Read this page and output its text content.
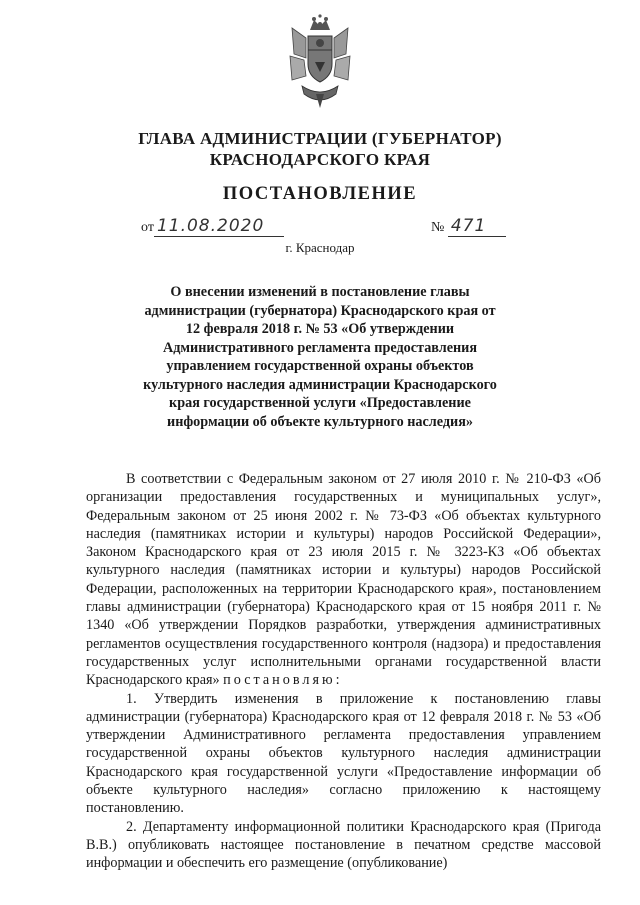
ГЛАВА АДМИНИСТРАЦИИ (ГУБЕРНАТОР)
КРАСНОДАРСКОГО КРАЯ
ПОСТАНОВЛЕНИЕ
от 11.08.2020	№ 471
г. Краснодар
О внесении изменений в постановление главы администрации (губернатора) Краснодарского края от 12 февраля 2018 г. № 53 «Об утверждении Административного регламента предоставления управлением государственной охраны объектов культурного наследия администрации Краснодарского края государственной услуги «Предоставление информации об объекте культурного наследия»

В соответствии с Федеральным законом от 27 июля 2010 г. № 210-ФЗ «Об организации предоставления государственных и муниципальных услуг», Федеральным законом от 25 июня 2002 г. № 73-ФЗ «Об объектах культурного наследия (памятниках истории и культуры) народов Российской Федерации», Законом Краснодарского края от 23 июля 2015 г. № 3223-КЗ «Об объектах культурного наследия (памятниках истории и культуры) народов Российской Федерации, расположенных на территории Краснодарского края», постановлением главы администрации (губернатора) Краснодарского края от 15 ноября 2011 г. № 1340 «Об утверждении Порядков разработки, утверждения административных регламентов осуществления государственного контроля (надзора) и предоставления государственных услуг исполнительными органами государственной власти Краснодарского края» постановляю:

1. Утвердить изменения в приложение к постановлению главы администрации (губернатора) Краснодарского края от 12 февраля 2018 г. № 53 «Об утверждении Административного регламента предоставления управлением государственной охраны объектов культурного наследия администрации Краснодарского края государственной услуги «Предоставление информации об объекте культурного наследия» согласно приложению к настоящему постановлению.

2. Департаменту информационной политики Краснодарского края (Пригода В.В.) опубликовать настоящее постановление в печатном средстве массовой информации и обеспечить его размещение (опубликование)
